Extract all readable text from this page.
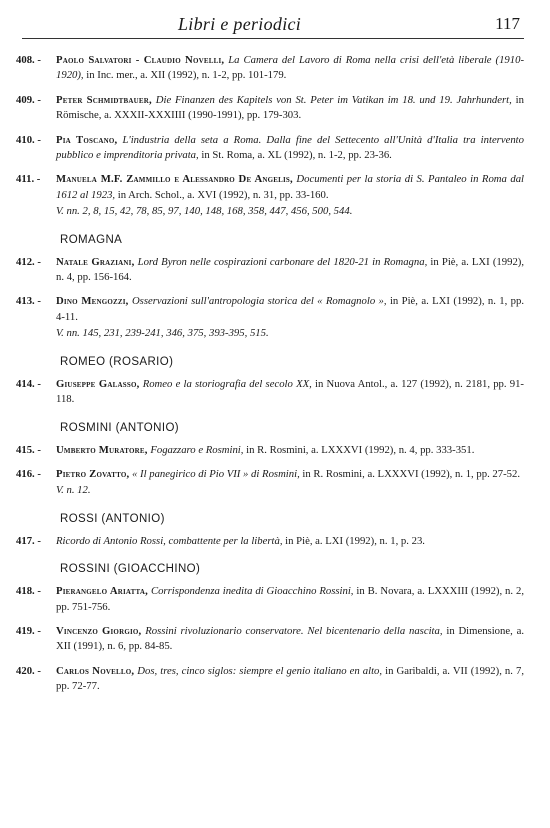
Libri e periodici	117
408. - Paolo Salvatori - Claudio Novelli, La Camera del Lavoro di Roma nella crisi dell'età liberale (1910-1920), in Inc. mer., a. XII (1992), n. 1-2, pp. 101-179.
409. - Peter Schmidtbauer, Die Finanzen des Kapitels von St. Peter im Vatikan im 18. und 19. Jahrhundert, in Römische, a. XXXII-XXXIIII (1990-1991), pp. 179-303.
410. - Pia Toscano, L'industria della seta a Roma. Dalla fine del Settecento all'Unità d'Italia tra intervento pubblico e imprenditoria privata, in St. Roma, a. XL (1992), n. 1-2, pp. 23-36.
411. - Manuela M.F. Zammillo e Alessandro De Angelis, Documenti per la storia di S. Pantaleo in Roma dal 1612 al 1923, in Arch. Schol., a. XVI (1992), n. 31, pp. 33-160.
V. nn. 2, 8, 15, 42, 78, 85, 97, 140, 148, 168, 358, 447, 456, 500, 544.
ROMAGNA
412. - Natale Graziani, Lord Byron nelle cospirazioni carbonare del 1820-21 in Romagna, in Piè, a. LXI (1992), n. 4, pp. 156-164.
413. - Dino Mengozzi, Osservazioni sull'antropologia storica del « Romagnolo », in Piè, a. LXI (1992), n. 1, pp. 4-11.
V. nn. 145, 231, 239-241, 346, 375, 393-395, 515.
ROMEO (ROSARIO)
414. - Giuseppe Galasso, Romeo e la storiografia del secolo XX, in Nuova Antol., a. 127 (1992), n. 2181, pp. 91-118.
ROSMINI (ANTONIO)
415. - Umberto Muratore, Fogazzaro e Rosmini, in R. Rosmini, a. LXXXVI (1992), n. 4, pp. 333-351.
416. - Pietro Zovatto, « Il panegirico di Pio VII » di Rosmini, in R. Rosmini, a. LXXXVI (1992), n. 1, pp. 27-52.
V. n. 12.
ROSSI (ANTONIO)
417. - Ricordo di Antonio Rossi, combattente per la libertà, in Piè, a. LXI (1992), n. 1, p. 23.
ROSSINI (GIOACCHINO)
418. - Pierangelo Ariatta, Corrispondenza inedita di Gioacchino Rossini, in B. Novara, a. LXXXIII (1992), n. 2, pp. 751-756.
419. - Vincenzo Giorgio, Rossini rivoluzionario conservatore. Nel bicentenario della nascita, in Dimensione, a. XII (1991), n. 6, pp. 84-85.
420. - Carlos Novello, Dos, tres, cinco siglos: siempre el genio italiano en alto, in Garibaldi, a. VII (1992), n. 7, pp. 72-77.
